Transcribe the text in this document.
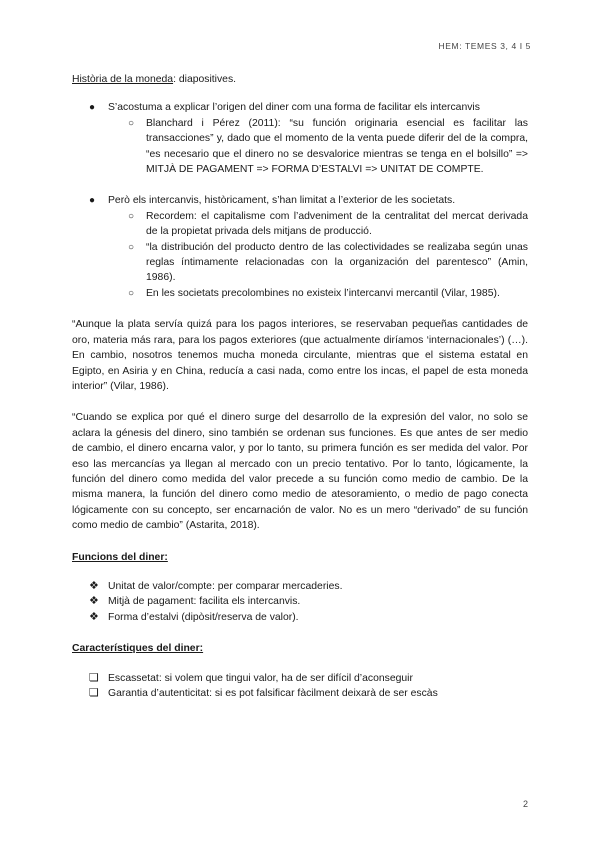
HEM: TEMES 3, 4 I 5

Història de la moneda: diapositives.

● S’acostuma a explicar l’origen del diner com una forma de facilitar els intercanvis
○ Blanchard i Pérez (2011): “su función originaria esencial es facilitar las transacciones” y, dado que el momento de la venta puede diferir del de la compra, “es necesario que el dinero no se desvalorice mientras se tenga en el bolsillo” => MITJÀ DE PAGAMENT => FORMA D’ESTALVI => UNITAT DE COMPTE.
● Però els intercanvis, històricament, s’han limitat a l’exterior de les societats.
○ Recordem: el capitalisme com l’adveniment de la centralitat del mercat derivada de la propietat privada dels mitjans de producció.
○ “la distribución del producto dentro de las colectividades se realizaba según unas reglas íntimamente relacionadas con la organización del parentesco” (Amin, 1986).
○ En les societats precolombines no existeix l’intercanvi mercantil (Vilar, 1985).

“Aunque la plata servía quizá para los pagos interiores, se reservaban pequeñas cantidades de oro, materia más rara, para los pagos exteriores (que actualmente diríamos ‘internacionales’) (…). En cambio, nosotros tenemos mucha moneda circulante, mientras que el sistema estatal en Egipto, en Asiria y en China, reducía a casi nada, como entre los incas, el papel de esta moneda interior” (Vilar, 1986).

“Cuando se explica por qué el dinero surge del desarrollo de la expresión del valor, no solo se aclara la génesis del dinero, sino también se ordenan sus funciones. Es que antes de ser medio de cambio, el dinero encarna valor, y por lo tanto, su primera función es ser medida del valor. Por eso las mercancías ya llegan al mercado con un precio tentativo. Por lo tanto, lógicamente, la función del dinero como medida del valor precede a su función como medio de cambio. De la misma manera, la función del dinero como medio de atesoramiento, o medio de pago conecta lógicamente con su concepto, ser encarnación de valor. No es un mero “derivado” de su función como medio de cambio” (Astarita, 2018).

Funcions del diner:

❖ Unitat de valor/compte: per comparar mercaderies.
❖ Mitjà de pagament: facilita els intercanvis.
❖ Forma d’estalvi (dipòsit/reserva de valor).

Característiques del diner:

❏ Escassetat: si volem que tingui valor, ha de ser difícil d’aconseguir
❏ Garantia d’autenticitat: si es pot falsificar fàcilment deixarà de ser escàs
2
